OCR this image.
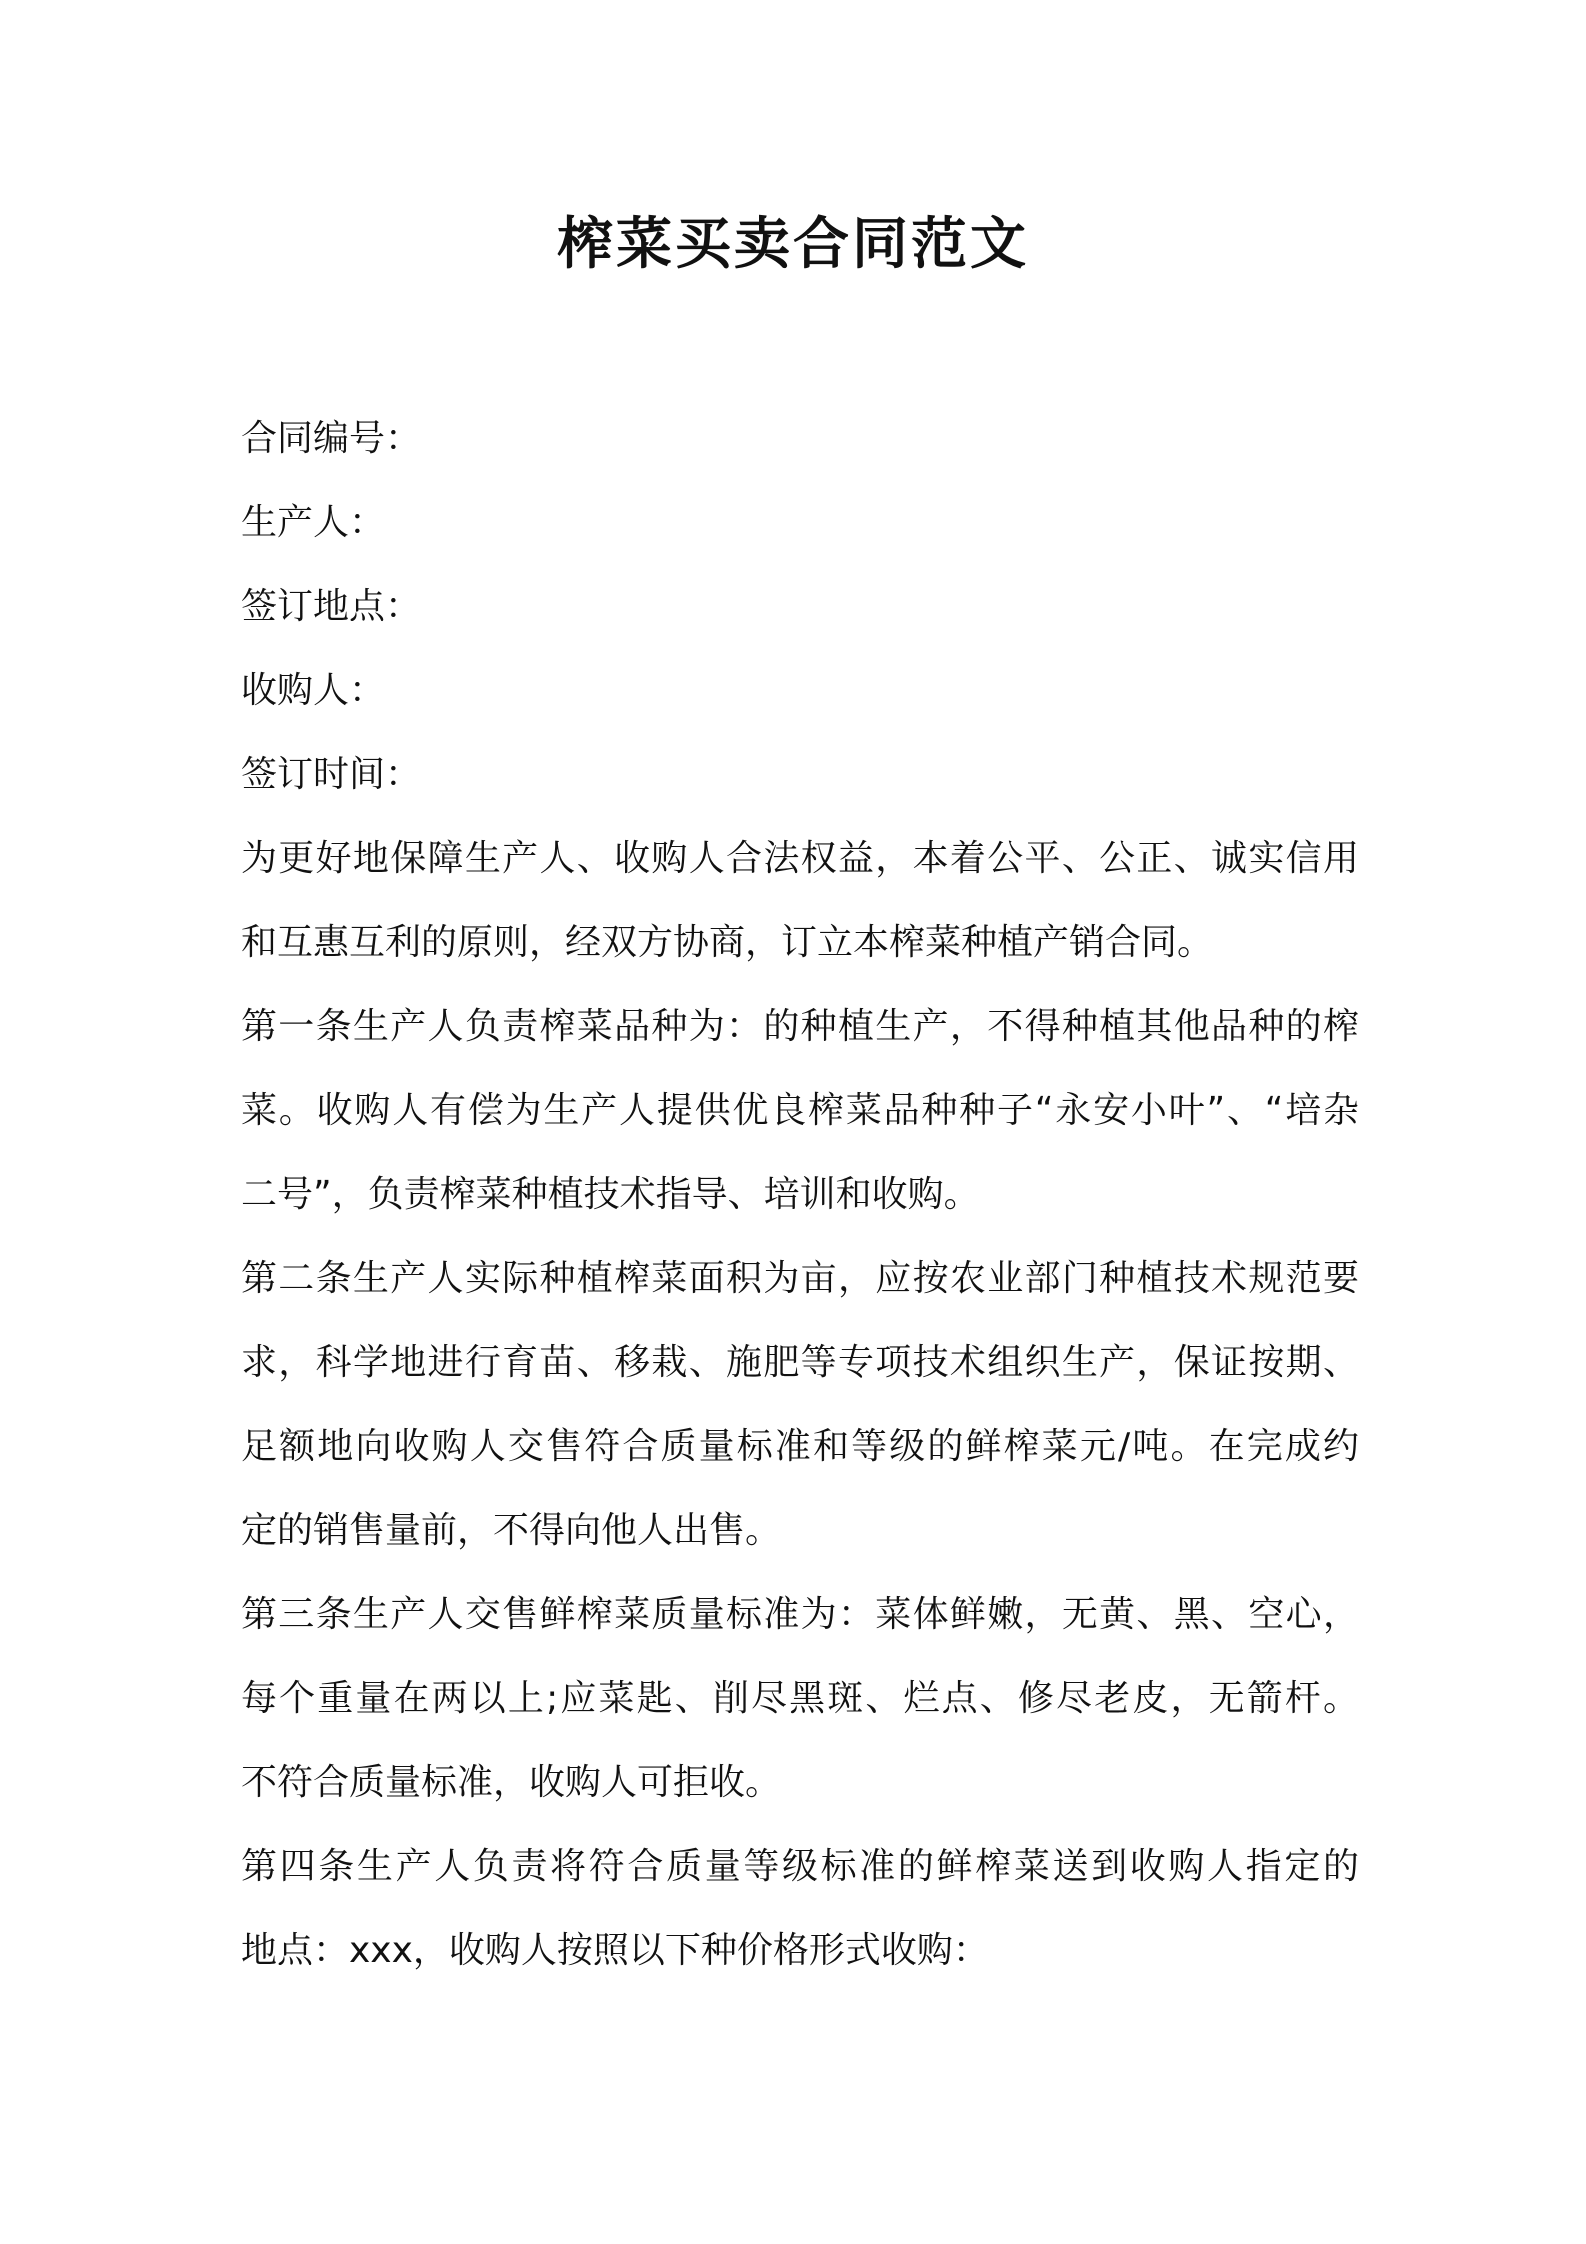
榨菜买卖合同范文
合同编号：
生产人：
签订地点：
收购人：
签订时间：
为更好地保障生产人、收购人合法权益，本着公平、公正、诚实信用
和互惠互利的原则，经双方协商，订立本榨菜种植产销合同。
第一条生产人负责榨菜品种为：的种植生产，不得种植其他品种的榨
菜。收购人有偿为生产人提供优良榨菜品种种子“永安小叶”、“培杂
二号”，负责榨菜种植技术指导、培训和收购。
第二条生产人实际种植榨菜面积为亩，应按农业部门种植技术规范要
求，科学地进行育苗、移栽、施肥等专项技术组织生产，保证按期、
足额地向收购人交售符合质量标准和等级的鲜榨菜元/吨。在完成约
定的销售量前，不得向他人出售。
第三条生产人交售鲜榨菜质量标准为：菜体鲜嫩，无黄、黑、空心，
每个重量在两以上;应菜匙、削尽黑斑、烂点、修尽老皮，无箭杆。
不符合质量标准，收购人可拒收。
第四条生产人负责将符合质量等级标准的鲜榨菜送到收购人指定的
地点：xxx，收购人按照以下种价格形式收购：
